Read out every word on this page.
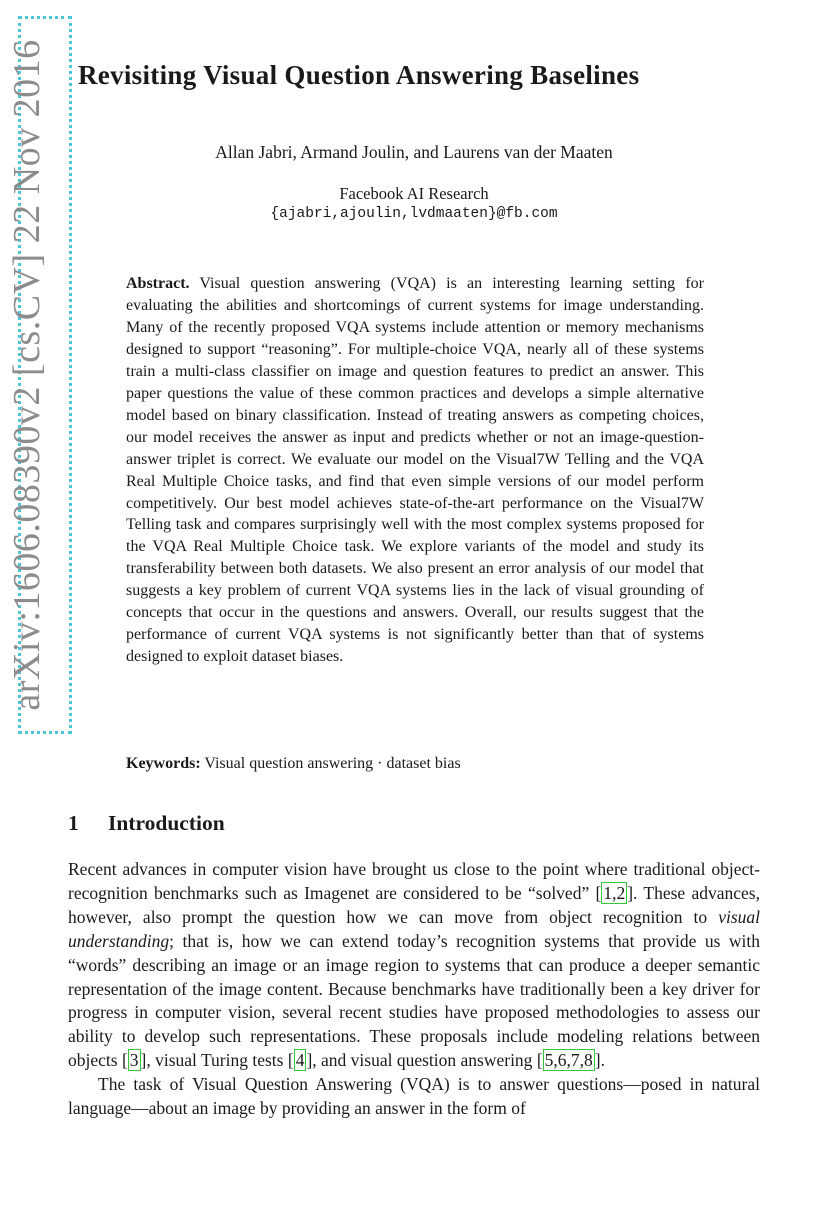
arXiv:1606.08390v2 [cs.CV] 22 Nov 2016 Revisiting Visual Question Answering Baselines
Allan Jabri, Armand Joulin, and Laurens van der Maaten
Facebook AI Research
{ajabri,ajoulin,lvdmaaten}@fb.com

Abstract. Visual question answering (VQA) is an interesting learning setting for evaluating the abilities and shortcomings of current systems for image understanding. Many of the recently proposed VQA systems include attention or memory mechanisms designed to support “reasoning”. For multiple-choice VQA, nearly all of these systems train a multi-class classifier on image and question features to predict an answer. This paper questions the value of these common practices and develops a simple alternative model based on binary classification. Instead of treating answers as competing choices, our model receives the answer as input and predicts whether or not an image-question-answer triplet is correct. We evaluate our model on the Visual7W Telling and the VQA Real Multiple Choice tasks, and find that even simple versions of our model perform competitively. Our best model achieves state-of-the-art performance on the Visual7W Telling task and compares surprisingly well with the most complex systems proposed for the VQA Real Multiple Choice task. We explore variants of the model and study its transferability between both datasets. We also present an error analysis of our model that suggests a key problem of current VQA systems lies in the lack of visual grounding of concepts that occur in the questions and answers. Overall, our results suggest that the performance of current VQA systems is not significantly better than that of systems designed to exploit dataset biases.

Keywords: Visual question answering · dataset bias
1 Introduction

Recent advances in computer vision have brought us close to the point where traditional object-recognition benchmarks such as Imagenet are considered to be “solved” [ 1,2 ]. These advances, however, also prompt the question how we can move from object recognition to visual understanding; that is, how we can extend today’s recognition systems that provide us with “words” describing an image or an image region to systems that can produce a deeper semantic representation of the image content. Because benchmarks have traditionally been a key driver for progress in computer vision, several recent studies have proposed methodologies to assess our ability to develop such representations. These proposals include modeling relations between objects [ 3 ], visual Turing tests [ 4 ], and visual question answering [ 5,6,7,8 ].

The task of Visual Question Answering (VQA) is to answer questions—posed in natural language—about an image by providing an answer in the form of
